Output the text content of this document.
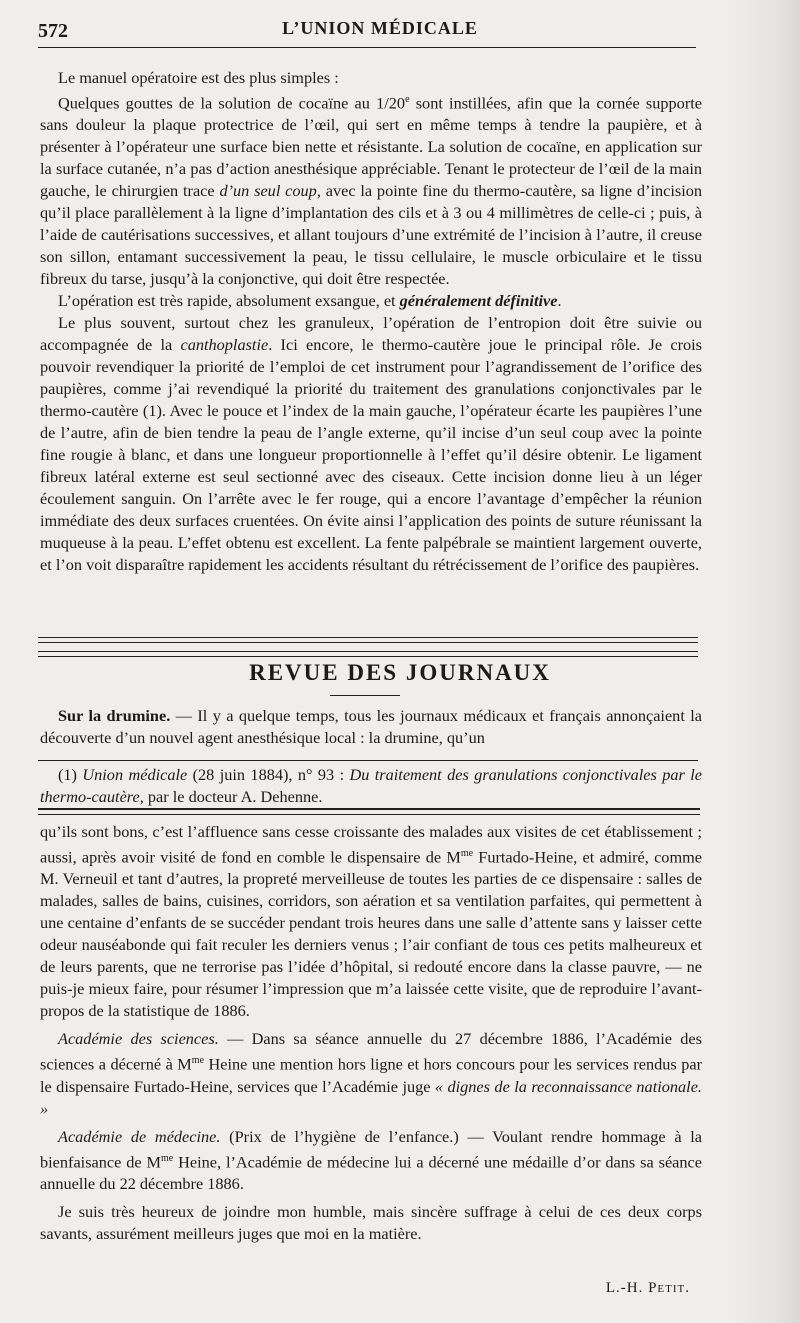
572	L’UNION MÉDICALE

Le manuel opératoire est des plus simples :

Quelques gouttes de la solution de cocaïne au 1/20e sont instillées, afin que la cornée supporte sans douleur la plaque protectrice de l’œil, qui sert en même temps à tendre la paupière, et à présenter à l’opérateur une surface bien nette et résistante. La solution de cocaïne, en application sur la surface cutanée, n’a pas d’action anesthésique appréciable. Tenant le protecteur de l’œil de la main gauche, le chirurgien trace d’un seul coup, avec la pointe fine du thermo-cautère, sa ligne d’incision qu’il place parallèlement à la ligne d’implantation des cils et à 3 ou 4 millimètres de celle-ci ; puis, à l’aide de cautérisations successives, et allant toujours d’une extrémité de l’incision à l’autre, il creuse son sillon, entamant successivement la peau, le tissu cellulaire, le muscle orbiculaire et le tissu fibreux du tarse, jusqu’à la conjonctive, qui doit être respectée.

L’opération est très rapide, absolument exsangue, et généralement définitive.

Le plus souvent, surtout chez les granuleux, l’opération de l’entropion doit être suivie ou accompagnée de la canthoplastie. Ici encore, le thermo-cautère joue le principal rôle. Je crois pouvoir revendiquer la priorité de l’emploi de cet instrument pour l’agrandissement de l’orifice des paupières, comme j’ai revendiqué la priorité du traitement des granulations conjonctivales par le thermo-cautère (1). Avec le pouce et l’index de la main gauche, l’opérateur écarte les paupières l’une de l’autre, afin de bien tendre la peau de l’angle externe, qu’il incise d’un seul coup avec la pointe fine rougie à blanc, et dans une longueur proportionnelle à l’effet qu’il désire obtenir. Le ligament fibreux latéral externe est seul sectionné avec des ciseaux. Cette incision donne lieu à un léger écoulement sanguin. On l’arrête avec le fer rouge, qui a encore l’avantage d’empêcher la réunion immédiate des deux surfaces cruentées. On évite ainsi l’application des points de suture réunissant la muqueuse à la peau. L’effet obtenu est excellent. La fente palpébrale se maintient largement ouverte, et l’on voit disparaître rapidement les accidents résultant du rétrécissement de l’orifice des paupières.

REVUE DES JOURNAUX

Sur la drumine. — Il y a quelque temps, tous les journaux médicaux et français annonçaient la découverte d’un nouvel agent anesthésique local : la drumine, qu’un

(1) Union médicale (28 juin 1884), n° 93 : Du traitement des granulations conjonctivales par le thermo-cautère, par le docteur A. Dehenne.

qu’ils sont bons, c’est l’affluence sans cesse croissante des malades aux visites de cet établissement ; aussi, après avoir visité de fond en comble le dispensaire de $M^{me}$ Furtado-Heine, et admiré, comme M. Verneuil et tant d’autres, la propreté merveilleuse de toutes les parties de ce dispensaire : salles de malades, salles de bains, cuisines, corridors, son aération et sa ventilation parfaites, qui permettent à une centaine d’enfants de se succéder pendant trois heures dans une salle d’attente sans y laisser cette odeur nauséabonde qui fait reculer les derniers venus ; l’air confiant de tous ces petits malheureux et de leurs parents, que ne terrorise pas l’idée d’hôpital, si redouté encore dans la classe pauvre, — ne puis-je mieux faire, pour résumer l’impression que m’a laissée cette visite, que de reproduire l’avant-propos de la statistique de 1886.

Académie des sciences. — Dans sa séance annuelle du 27 décembre 1886, l’Académie des sciences a décerné à $M^{me}$ Heine une mention hors ligne et hors concours pour les services rendus par le dispensaire Furtado-Heine, services que l’Académie juge « dignes de la reconnaissance nationale. »

Académie de médecine. (Prix de l’hygiène de l’enfance.) — Voulant rendre hommage à la bienfaisance de $M^{me}$ Heine, l’Académie de médecine lui a décerné une médaille d’or dans sa séance annuelle du 22 décembre 1886.

Je suis très heureux de joindre mon humble, mais sincère suffrage à celui de ces deux corps savants, assurément meilleurs juges que moi en la matière.

L.-H. Petit.
